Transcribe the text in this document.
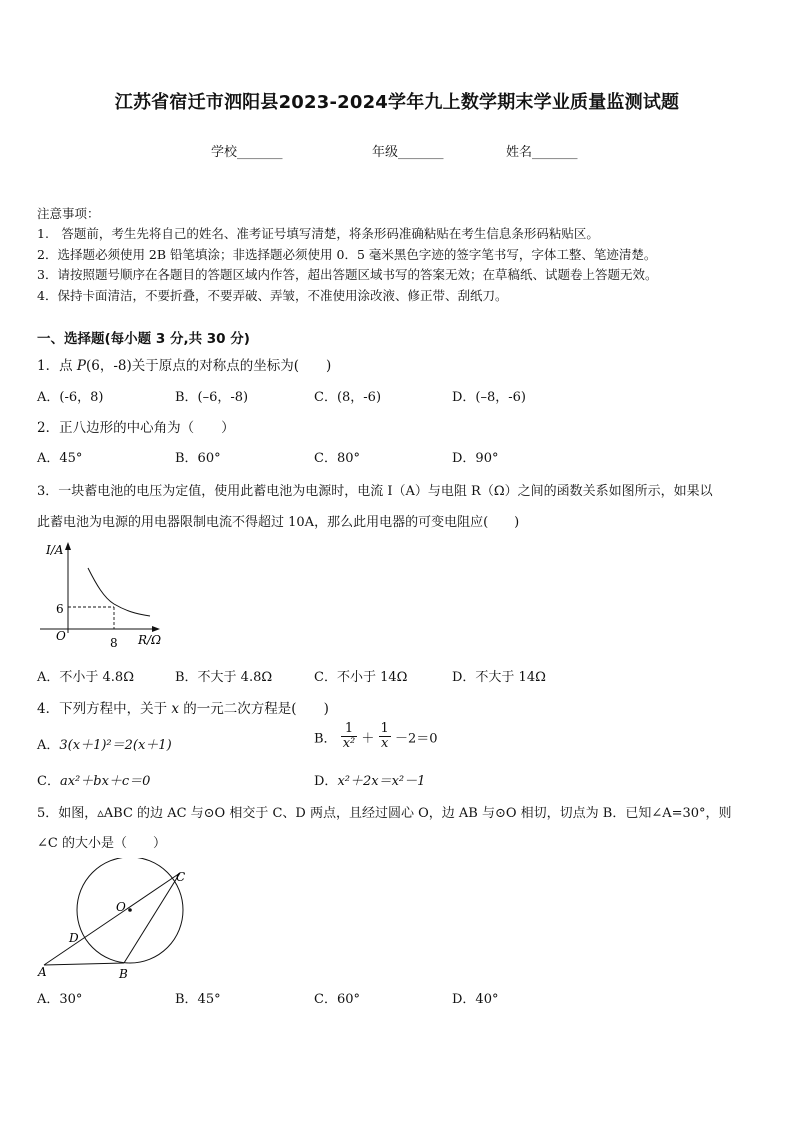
江苏省宿迁市泗阳县2023-2024学年九上数学期末学业质量监测试题
学校_______	年级_______	姓名_______
注意事项：
1.　答题前，考生先将自己的姓名、准考证号填写清楚，将条形码准确粘贴在考生信息条形码粘贴区。
2．选择题必须使用 2B 铅笔填涂；非选择题必须使用 0．5 毫米黑色字迹的签字笔书写，字体工整、笔迹清楚。
3．请按照题号顺序在各题目的答题区域内作答，超出答题区域书写的答案无效；在草稿纸、试题卷上答题无效。
4．保持卡面清洁，不要折叠，不要弄破、弄皱，不准使用涂改液、修正带、刮纸刀。
一、选择题(每小题 3 分,共 30 分)
1．点 P(6，-8)关于原点的对称点的坐标为(　　)
A．(-6，8)	B．(–6，-8)	C．(8，-6)	D．(–8，-6)
2．正八边形的中心角为（　　）
A．45°	B．60°	C．80°	D．90°
3．一块蓄电池的电压为定值，使用此蓄电池为电源时，电流 I（A）与电阻 R（Ω）之间的函数关系如图所示，如果以
此蓄电池为电源的用电器限制电流不得超过 10A，那么此用电器的可变电阻应(　　)
I/A
R/Ω
O
6
8
A．不小于 4.8Ω	B．不大于 4.8Ω	C．不小于 14Ω	D．不大于 14Ω
4．下列方程中，关于 x 的一元二次方程是(　　)
A．3(x＋1)²＝2(x＋1)	B． $\frac{1}{\text{x²}} + \frac{1}{x} -2=0$
C．ax²＋bx＋c＝0	D．x²＋2x＝x²－1
5．如图，▵ABC 的边 AC 与⊙O 相交于 C、D 两点，且经过圆心 O，边 AB 与⊙O 相切，切点为 B．已知∠A=30°，则
∠C 的大小是（　　）
C
O
D
A	B
A．30°	B．45°	C．60°	D．40°
